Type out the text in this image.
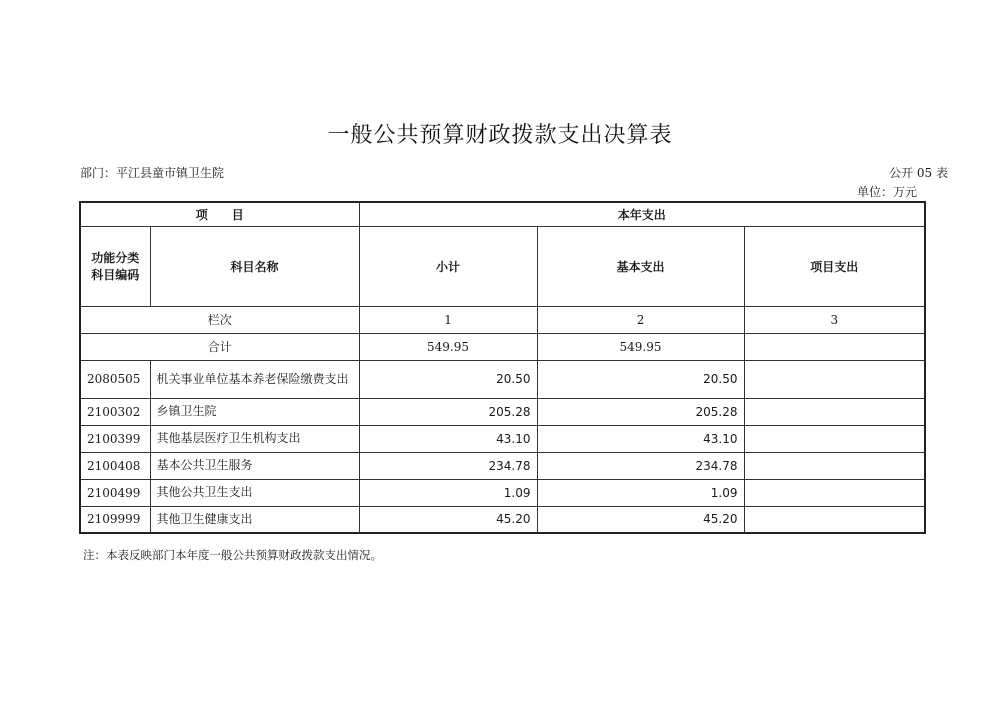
一般公共预算财政拨款支出决算表
部门：平江县童市镇卫生院	公开 05 表
单位：万元
项　　目		本年支出		

功能分类
科目编码	科目名称	小计	基本支出	项目支出
栏次		1	2	3
合计		549.95	549.95	
2080505	机关事业单位基本养老保险缴费支出	20.50	20.50	
2100302	乡镇卫生院	205.28	205.28	
2100399	其他基层医疗卫生机构支出	43.10	43.10	
2100408	基本公共卫生服务	234.78	234.78	
2100499	其他公共卫生支出	1.09	1.09	
2109999	其他卫生健康支出	45.20	45.20	
注：本表反映部门本年度一般公共预算财政拨款支出情况。
